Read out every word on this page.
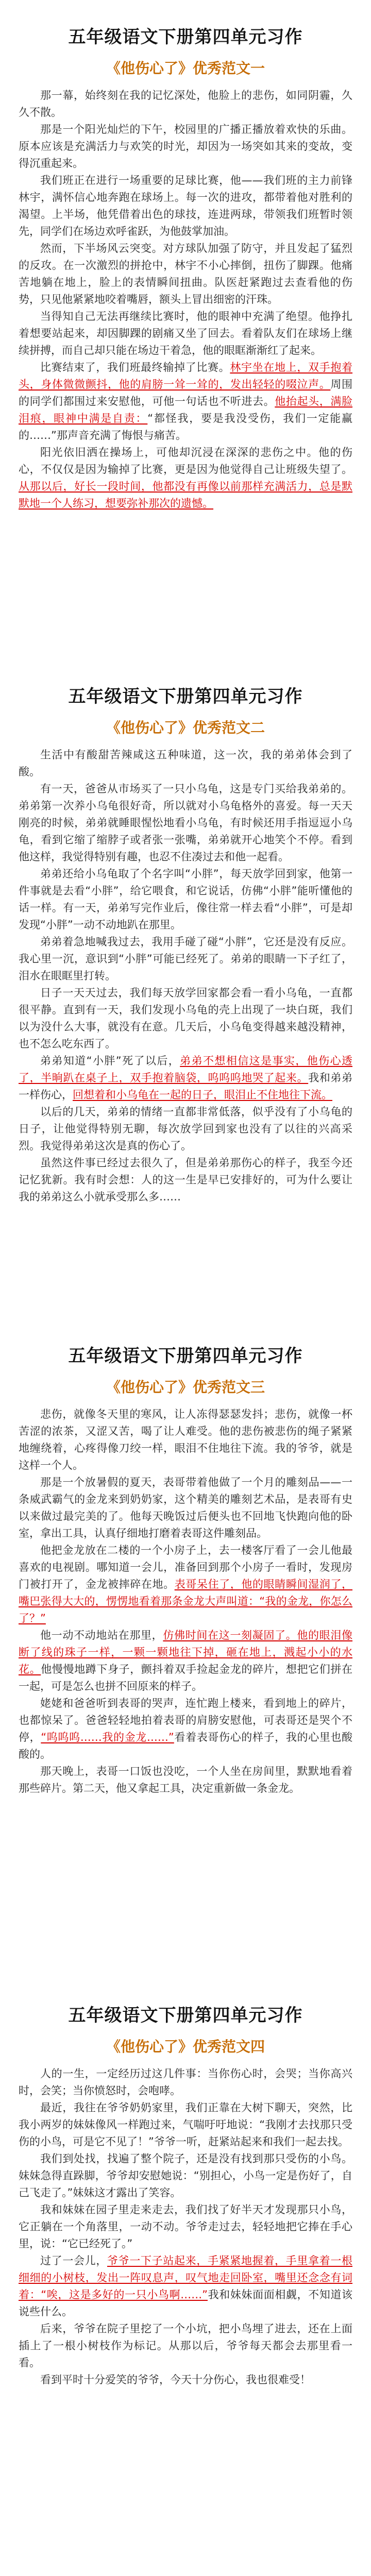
五年级语文下册第四单元习作
《他伤心了》优秀范文一

那一幕，始终刻在我的记忆深处，他脸上的悲伤，如同阴霾，久久不散。

那是一个阳光灿烂的下午，校园里的广播正播放着欢快的乐曲。原本应该是充满活力与欢笑的时光，却因为一场突如其来的变故，变得沉重起来。

我们班正在进行一场重要的足球比赛，他——我们班的主力前锋林宇，满怀信心地奔跑在球场上。每一次的进攻，都带着他对胜利的渴望。上半场，他凭借着出色的球技，连进两球，带领我们班暂时领先，同学们在场边欢呼雀跃，为他鼓掌加油。

然而，下半场风云突变。对方球队加强了防守，并且发起了猛烈的反攻。在一次激烈的拼抢中，林宇不小心摔倒，扭伤了脚踝。他痛苦地躺在地上，脸上的表情瞬间扭曲。队医赶紧跑过去查看他的伤势，只见他紧紧地咬着嘴唇，额头上冒出细密的汗珠。

当得知自己无法再继续比赛时，他的眼神中充满了绝望。他挣扎着想要站起来，却因脚踝的剧痛又坐了回去。看着队友们在球场上继续拼搏，而自己却只能在场边干着急，他的眼眶渐渐红了起来。

比赛结束了，我们班最终输掉了比赛。林宇坐在地上，双手抱着头，身体微微颤抖，他的肩膀一耸一耸的，发出轻轻的啜泣声。周围的同学们都围过来安慰他，可他一句话也不听进去。他抬起头，满脸泪痕，眼神中满是自责：“都怪我，要是我没受伤，我们一定能赢的……”那声音充满了悔恨与痛苦。

阳光依旧洒在操场上，可他却沉浸在深深的悲伤之中。他的伤心，不仅仅是因为输掉了比赛，更是因为他觉得自己让班级失望了。从那以后，好长一段时间，他都没有再像以前那样充满活力，总是默默地一个人练习，想要弥补那次的遗憾。

五年级语文下册第四单元习作
《他伤心了》优秀范文二

生活中有酸甜苦辣咸这五种味道，这一次，我的弟弟体会到了酸。

有一天，爸爸从市场买了一只小乌龟，这是专门买给我弟弟的。弟弟第一次养小乌龟很好奇，所以就对小乌龟格外的喜爱。每一天天刚亮的时候，弟弟就睡眼惺忪地看小乌龟，有时候还用手指逗逗小乌龟，看到它缩了缩脖子或者张一张嘴，弟弟就开心地笑个不停。看到他这样，我觉得特别有趣，也忍不住凑过去和他一起看。

弟弟还给小乌龟取了个名字叫“小胖”，每天放学回到家，他第一件事就是去看“小胖”，给它喂食，和它说话，仿佛“小胖”能听懂他的话一样。有一天，弟弟写完作业后，像往常一样去看“小胖”，可是却发现“小胖”一动不动地趴在那里。

弟弟着急地喊我过去，我用手碰了碰“小胖”，它还是没有反应。我心里一沉，意识到“小胖”可能已经死了。弟弟的眼睛一下子红了，泪水在眼眶里打转。

日子一天天过去，我们每天放学回家都会看一看小乌龟，一直都很平静。直到有一天，我们发现小乌龟的壳上出现了一块白斑，我们以为没什么大事，就没有在意。几天后，小乌龟变得越来越没精神，也不怎么吃东西了。

弟弟知道“小胖”死了以后，弟弟不想相信这是事实，他伤心透了，半晌趴在桌子上，双手抱着脑袋，呜呜呜地哭了起来。我和弟弟一样伤心，回想着和小乌龟在一起的日子，眼泪止不住地往下流。

以后的几天，弟弟的情绪一直都非常低落，似乎没有了小乌龟的日子，让他觉得特别无聊，每次放学回到家也没有了以往的兴高采烈。我觉得弟弟这次是真的伤心了。

虽然这件事已经过去很久了，但是弟弟那伤心的样子，我至今还记忆犹新。我有时会想：人的这一生是早已安排好的，可为什么要让我的弟弟这么小就承受那么多……

五年级语文下册第四单元习作
《他伤心了》优秀范文三

悲伤，就像冬天里的寒风，让人冻得瑟瑟发抖；悲伤，就像一杯苦涩的浓茶，又涩又苦，喝了让人难受。他的悲伤被悲伤的绳子紧紧地缠绕着，心疼得像刀绞一样，眼泪不住地往下流。我的爷爷，就是这样一个人。

那是一个放暑假的夏天，表哥带着他做了一个月的雕刻品——一条威武霸气的金龙来到奶奶家，这个精美的雕刻艺术品，是表哥有史以来做过最完美的了。他每天晚饭过后便头也不回地飞快跑向他的卧室，拿出工具，认真仔细地打磨着表哥这件雕刻品。

他把金龙放在二楼的一个小房子上，去一楼客厅看了一会儿他最喜欢的电视剧。哪知道一会儿，准备回到那个小房子一看时，发现房门被打开了，金龙被摔碎在地。表哥呆住了，他的眼睛瞬间湿润了，嘴巴张得大大的，愣愣地看着那条金龙大声叫道：“我的金龙，你怎么了？”

他一动不动地站在那里，仿佛时间在这一刻凝固了。他的眼泪像断了线的珠子一样，一颗一颗地往下掉，砸在地上，溅起小小的水花。他慢慢地蹲下身子，颤抖着双手捡起金龙的碎片，想把它们拼在一起，可是怎么也拼不回原来的样子。

姥姥和爸爸听到表哥的哭声，连忙跑上楼来，看到地上的碎片，也都惊呆了。爸爸轻轻地拍着表哥的肩膀安慰他，可表哥还是哭个不停，“呜呜呜……我的金龙……”看着表哥伤心的样子，我的心里也酸酸的。

那天晚上，表哥一口饭也没吃，一个人坐在房间里，默默地看着那些碎片。第二天，他又拿起工具，决定重新做一条金龙。

五年级语文下册第四单元习作
《他伤心了》优秀范文四

人的一生，一定经历过这几件事：当你伤心时，会哭；当你高兴时，会笑；当你愤怒时，会咆哮。

最近，我往在爷爷奶奶家里，我们正靠在大树下聊天，突然，比我小两岁的妹妹像风一样跑过来，气喘吁吁地说：“我刚才去找那只受伤的小鸟，可是它不见了！”爷爷一听，赶紧站起来和我们一起去找。

我们到处找，找遍了整个院子，还是没有找到那只受伤的小鸟。妹妹急得直跺脚，爷爷却安慰她说：“别担心，小鸟一定是伤好了，自己飞走了。”妹妹这才露出了笑容。

我和妹妹在园子里走来走去，我们找了好半天才发现那只小鸟，它正躺在一个角落里，一动不动。爷爷走过去，轻轻地把它捧在手心里，说：“它已经死了。”

过了一会儿，爷爷一下子站起来，手紧紧地握着，手里拿着一根细细的小树枝，发出一阵叹息声，叹气地走回卧室，嘴里还念念有词着：“唉，这是多好的一只小鸟啊……”我和妹妹面面相觑，不知道该说些什么。

后来，爷爷在院子里挖了一个小坑，把小鸟埋了进去，还在上面插上了一根小树枝作为标记。从那以后，爷爷每天都会去那里看一看。

看到平时十分爱笑的爷爷，今天十分伤心，我也很难受！
